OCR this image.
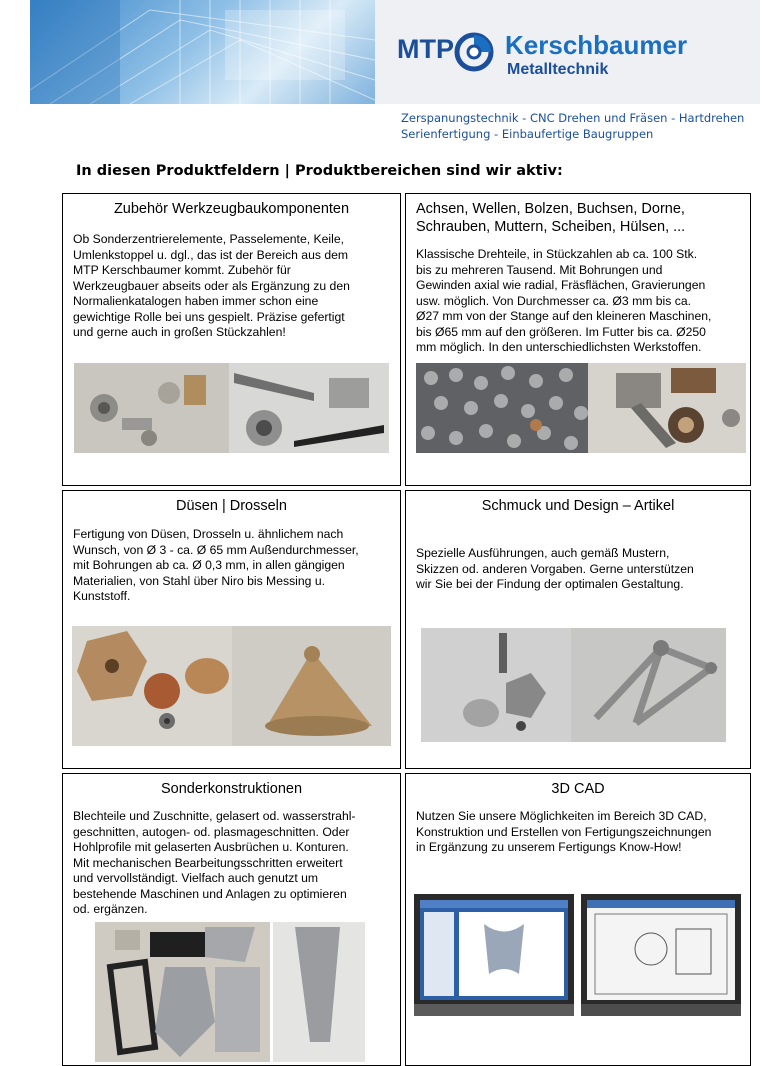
MTP Kerschbaumer
Metalltechnik
Zerspanungstechnik - CNC Drehen und Fräsen - Hartdrehen
Serienfertigung - Einbaufertige Baugruppen
In diesen Produktfeldern | Produktbereichen sind wir aktiv:
Zubehör Werkzeugbaukomponenten
Ob Sonderzentrierelemente, Passelemente, Keile,
Umlenkstoppel u. dgl., das ist der Bereich aus dem
MTP Kerschbaumer kommt. Zubehör für
Werkzeugbauer abseits oder als Ergänzung zu den
Normalienkatalogen haben immer schon eine
gewichtige Rolle bei uns gespielt. Präzise gefertigt
und gerne auch in großen Stückzahlen!
Achsen, Wellen, Bolzen, Buchsen, Dorne,
Schrauben, Muttern, Scheiben, Hülsen, ...
Klassische Drehteile, in Stückzahlen ab ca. 100 Stk.
bis zu mehreren Tausend. Mit Bohrungen und
Gewinden axial wie radial, Fräsflächen, Gravierungen
usw. möglich. Von Durchmesser ca. Ø3 mm bis ca.
Ø27 mm von der Stange auf den kleineren Maschinen,
bis Ø65 mm auf den größeren. Im Futter bis ca. Ø250
mm möglich. In den unterschiedlichsten Werkstoffen.
Düsen | Drosseln
Fertigung von Düsen, Drosseln u. ähnlichem nach
Wunsch, von Ø 3 - ca. Ø 65 mm Außendurchmesser,
mit Bohrungen ab ca. Ø 0,3 mm, in allen gängigen
Materialien, von Stahl über Niro bis Messing u.
Kunststoff.
Schmuck und Design – Artikel
Spezielle Ausführungen, auch gemäß Mustern,
Skizzen od. anderen Vorgaben. Gerne unterstützen
wir Sie bei der Findung der optimalen Gestaltung.
Sonderkonstruktionen
Blechteile und Zuschnitte, gelasert od. wasserstrahl-
geschnitten, autogen- od. plasmageschnitten. Oder
Hohlprofile mit gelaserten Ausbrüchen u. Konturen.
Mit mechanischen Bearbeitungsschritten erweitert
und vervollständigt. Vielfach auch genutzt um
bestehende Maschinen und Anlagen zu optimieren
od. ergänzen.
3D CAD
Nutzen Sie unsere Möglichkeiten im Bereich 3D CAD,
Konstruktion und Erstellen von Fertigungszeichnungen
in Ergänzung zu unserem Fertigungs Know-How!
